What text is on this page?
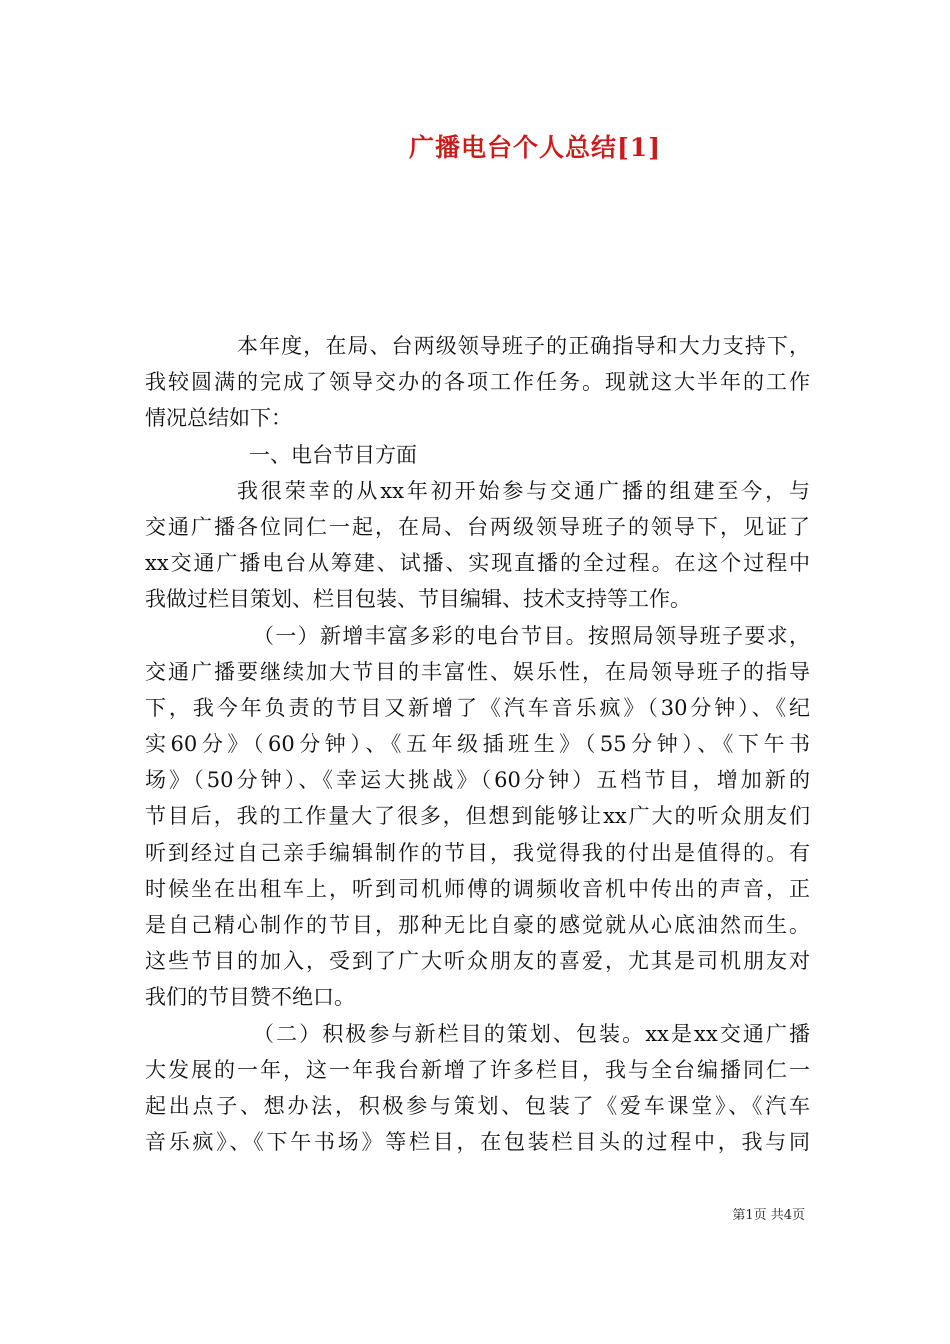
广播电台个人总结[1]
本年度，在局、台两级领导班子的正确指导和大力支持下，
我较圆满的完成了领导交办的各项工作任务。现就这大半年的工作
情况总结如下：
一、电台节目方面
我很荣幸的从xx年初开始参与交通广播的组建至今，与
交通广播各位同仁一起，在局、台两级领导班子的领导下，见证了
xx交通广播电台从筹建、试播、实现直播的全过程。在这个过程中
我做过栏目策划、栏目包装、节目编辑、技术支持等工作。
（一）新增丰富多彩的电台节目。按照局领导班子要求，
交通广播要继续加大节目的丰富性、娱乐性，在局领导班子的指导
下，我今年负责的节目又新增了《汽车音乐疯》（30分钟）、《纪
实60分》（60分钟）、《五年级插班生》（55分钟）、《下午书
场》（50分钟）、《幸运大挑战》（60分钟）五档节目，增加新的
节目后，我的工作量大了很多，但想到能够让xx广大的听众朋友们
听到经过自己亲手编辑制作的节目，我觉得我的付出是值得的。有
时候坐在出租车上，听到司机师傅的调频收音机中传出的声音，正
是自己精心制作的节目，那种无比自豪的感觉就从心底油然而生。
这些节目的加入，受到了广大听众朋友的喜爱，尤其是司机朋友对
我们的节目赞不绝口。
（二）积极参与新栏目的策划、包装。xx是xx交通广播
大发展的一年，这一年我台新增了许多栏目，我与全台编播同仁一
起出点子、想办法，积极参与策划、包装了《爱车课堂》、《汽车
音乐疯》、《下午书场》等栏目，在包装栏目头的过程中，我与同
第1页 共4页
